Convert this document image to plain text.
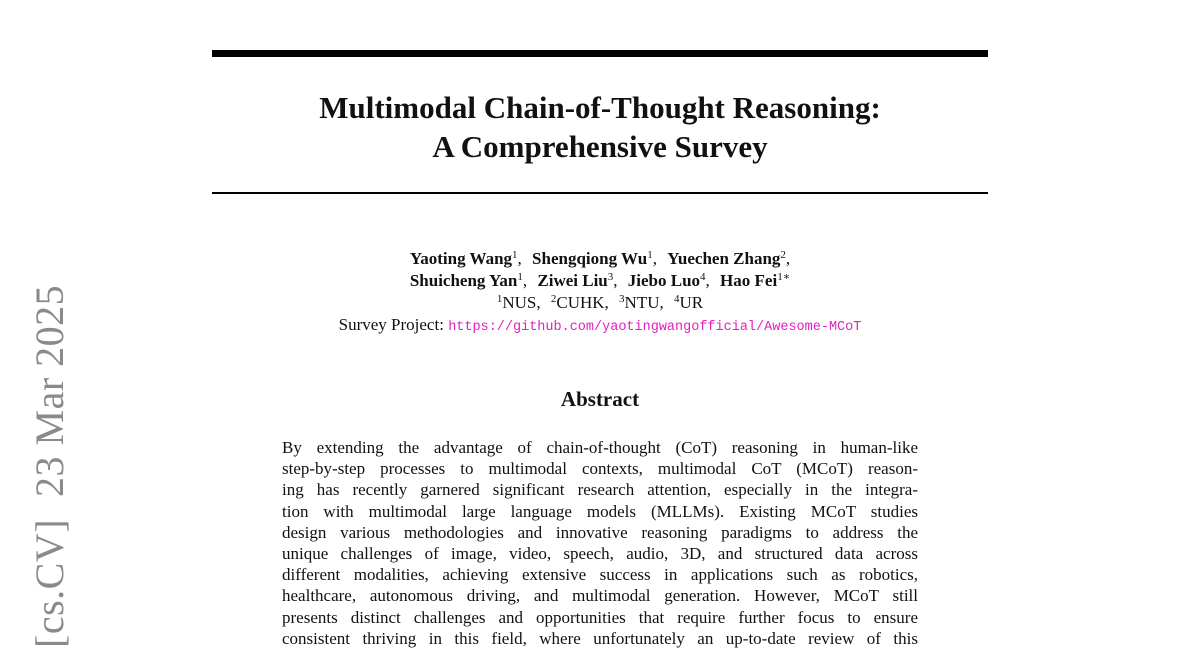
[cs.CV]23 Mar 2025
Multimodal Chain-of-Thought Reasoning:
A Comprehensive Survey
Yaoting Wang$^1$, Shengqiong Wu$^1$, Yuechen Zhang$^2$,
Shuicheng Yan$^1$, Ziwei Liu$^3$, Jiebo Luo$^4$, Hao Fei$^{1∗}$
$^1$NUS, $^2$CUHK, $^3$NTU, $^4$UR
Survey Project: https://github.com/yaotingwangofficial/Awesome-MCoT
Abstract
By extending the advantage of chain-of-thought (CoT) reasoning in human-like
step-by-step processes to multimodal contexts, multimodal CoT (MCoT) reason-
ing has recently garnered significant research attention, especially in the integra-
tion with multimodal large language models (MLLMs). Existing MCoT studies
design various methodologies and innovative reasoning paradigms to address the
unique challenges of image, video, speech, audio, 3D, and structured data across
different modalities, achieving extensive success in applications such as robotics,
healthcare, autonomous driving, and multimodal generation. However, MCoT still
presents distinct challenges and opportunities that require further focus to ensure
consistent thriving in this field, where unfortunately an up-to-date review of this
